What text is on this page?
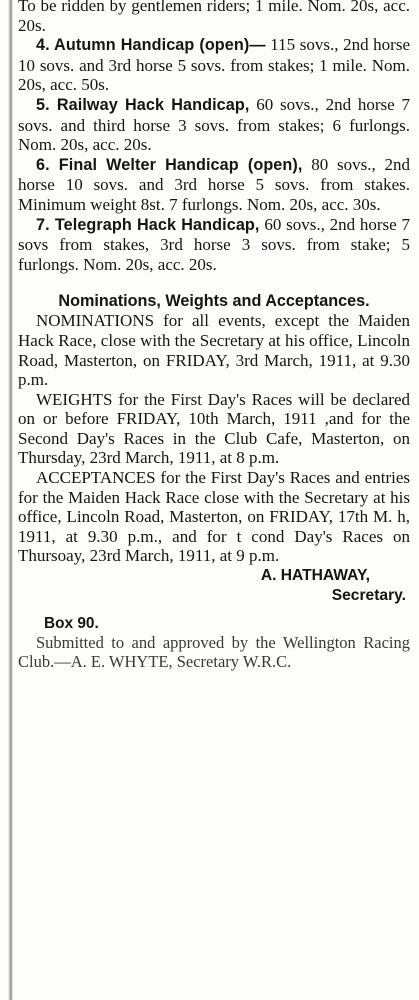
To be ridden by gentlemen riders; 1 mile. Nom. 20s, acc. 20s.

4. Autumn Handicap (open)— 115 sovs., 2nd horse 10 sovs. and 3rd horse 5 sovs. from stakes; 1 mile. Nom. 20s, acc. 50s.

5. Railway Hack Handicap, 60 sovs., 2nd horse 7 sovs. and third horse 3 sovs. from stakes; 6 furlongs. Nom. 20s, acc. 20s.

6. Final Welter Handicap (open), 80 sovs., 2nd horse 10 sovs. and 3rd horse 5 sovs. from stakes. Minimum weight 8st. 7 furlongs. Nom. 20s, acc. 30s.

7. Telegraph Hack Handicap, 60 sovs., 2nd horse 7 sovs from stakes, 3rd horse 3 sovs. from stake; 5 furlongs. Nom. 20s, acc. 20s.

Nominations, Weights and Acceptances.

NOMINATIONS for all events, except the Maiden Hack Race, close with the Secretary at his office, Lincoln Road, Masterton, on FRIDAY, 3rd March, 1911, at 9.30 p.m.

WEIGHTS for the First Day's Races will be declared on or before FRIDAY, 10th March, 1911 ,and for the Second Day's Races in the Club Cafe, Masterton, on Thursday, 23rd March, 1911, at 8 p.m.

ACCEPTANCES for the First Day's Races and entries for the Maiden Hack Race close with the Secretary at his office, Lincoln Road, Masterton, on FRIDAY, 17th M. h, 1911, at 9.30 p.m., and for t cond Day's Races on Thursoay, 23rd March, 1911, at 9 p.m.

A. HATHAWAY,

Secretary.

Box 90.

Submitted to and approved by the Wellington Racing Club.—A. E. WHYTE, Secretary W.R.C.
